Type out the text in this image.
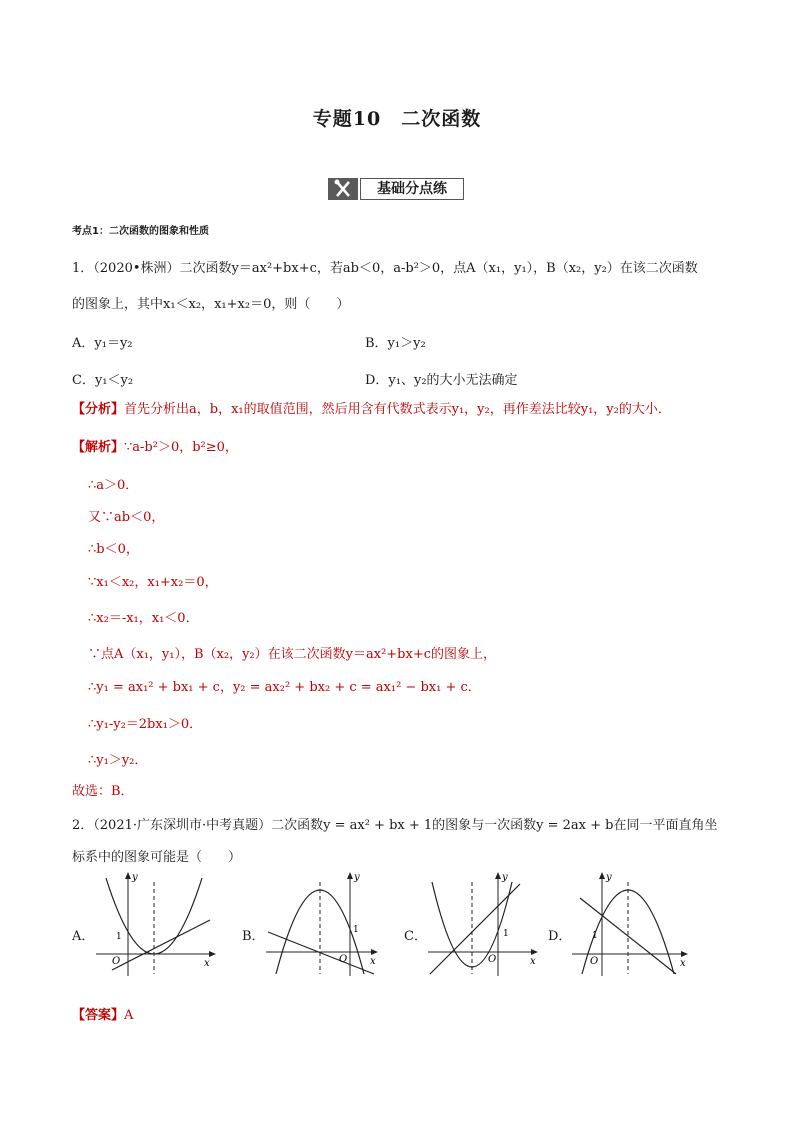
专题10　二次函数
基础分点练
考点1：二次函数的图象和性质
1．（2020•株洲）二次函数y＝ax²+bx+c，若ab＜0，a-b²＞0，点A（x₁，y₁），B（x₂，y₂）在该二次函数
的图象上，其中x₁＜x₂，x₁+x₂＝0，则（　　）
A．y₁＝y₂	B．y₁＞y₂
C．y₁＜y₂	D．y₁、y₂的大小无法确定
【分析】首先分析出a，b，x₁的取值范围，然后用含有代数式表示y₁，y₂，再作差法比较y₁，y₂的大小．
【解析】∵a-b²＞0，b²≥0，
∴a＞0．
又∵ab＜0，
∴b＜0，
∵x₁＜x₂，x₁+x₂＝0，
∴x₂＝-x₁，x₁＜0．
∵点A（x₁，y₁），B（x₂，y₂）在该二次函数y＝ax²+bx+c的图象上，
∴y₁ = ax₁² + bx₁ + c，y₂ = ax₂² + bx₂ + c = ax₁² − bx₁ + c．
∴y₁-y₂＝2bx₁＞0．
∴y₁＞y₂．
故选：B．
2．（2021·广东深圳市·中考真题）二次函数y = ax² + bx + 1的图象与一次函数y = 2ax + b在同一平面直角坐
标系中的图象可能是（　　）
A．
y
x
O
1	B．
y
x
O
1	C．
y
x
O
1	D．
y
x
O
1
【答案】A
